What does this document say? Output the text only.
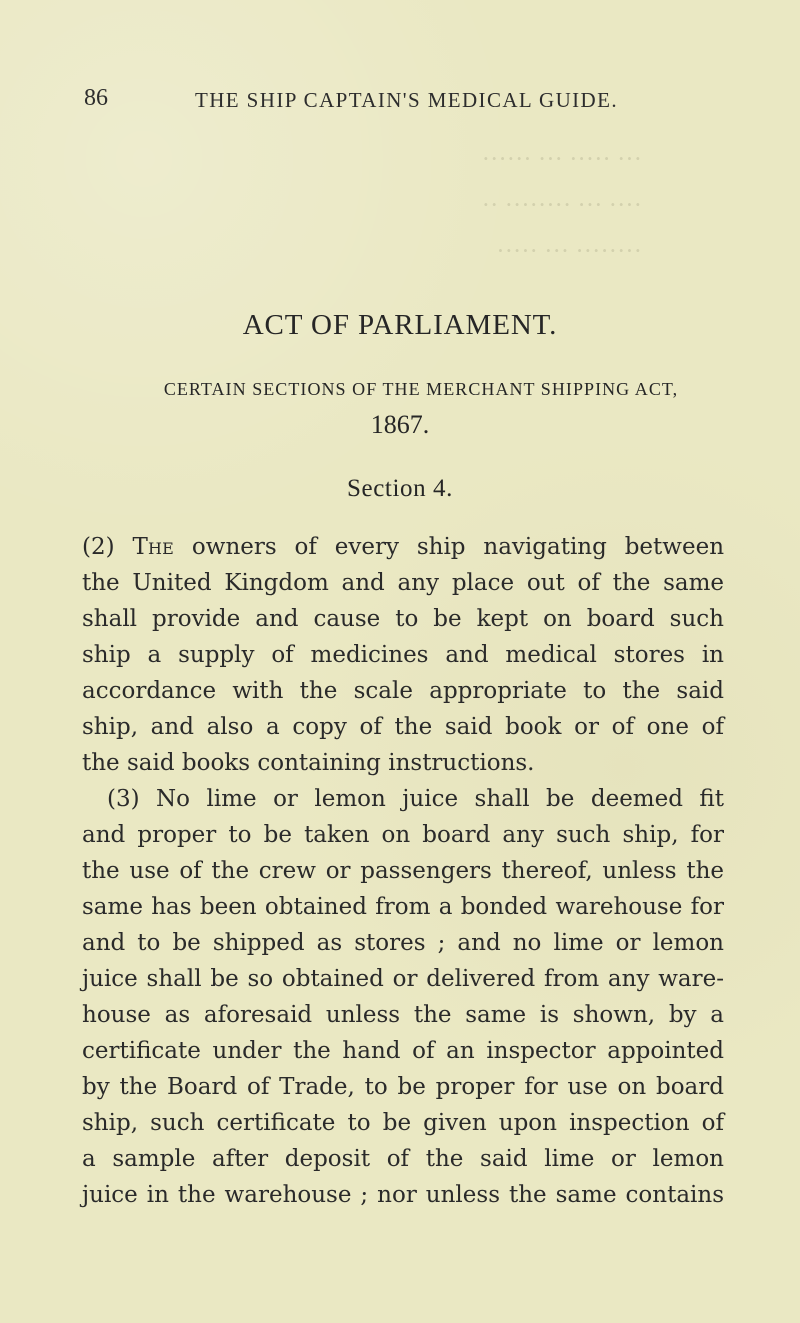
86	THE SHIP CAPTAIN'S MEDICAL GUIDE.
··· ····· ··· ······
···· ··· ········ ··
········ ··· ·····
ACT OF PARLIAMENT.
CERTAIN SECTIONS OF THE MERCHANT SHIPPING ACT,
1867.
Section 4.
(2) The owners of every ship navigating between
the United Kingdom and any place out of the same
shall provide and cause to be kept on board such
ship a supply of medicines and medical stores in
accordance with the scale appropriate to the said
ship, and also a copy of the said book or of one of
the said books containing instructions.
(3) No lime or lemon juice shall be deemed fit
and proper to be taken on board any such ship, for
the use of the crew or passengers thereof, unless the
same has been obtained from a bonded warehouse for
and to be shipped as stores ; and no lime or lemon
juice shall be so obtained or delivered from any ware-
house as aforesaid unless the same is shown, by a
certificate under the hand of an inspector appointed
by the Board of Trade, to be proper for use on board
ship, such certificate to be given upon inspection of
a sample after deposit of the said lime or lemon
juice in the warehouse ; nor unless the same contains
